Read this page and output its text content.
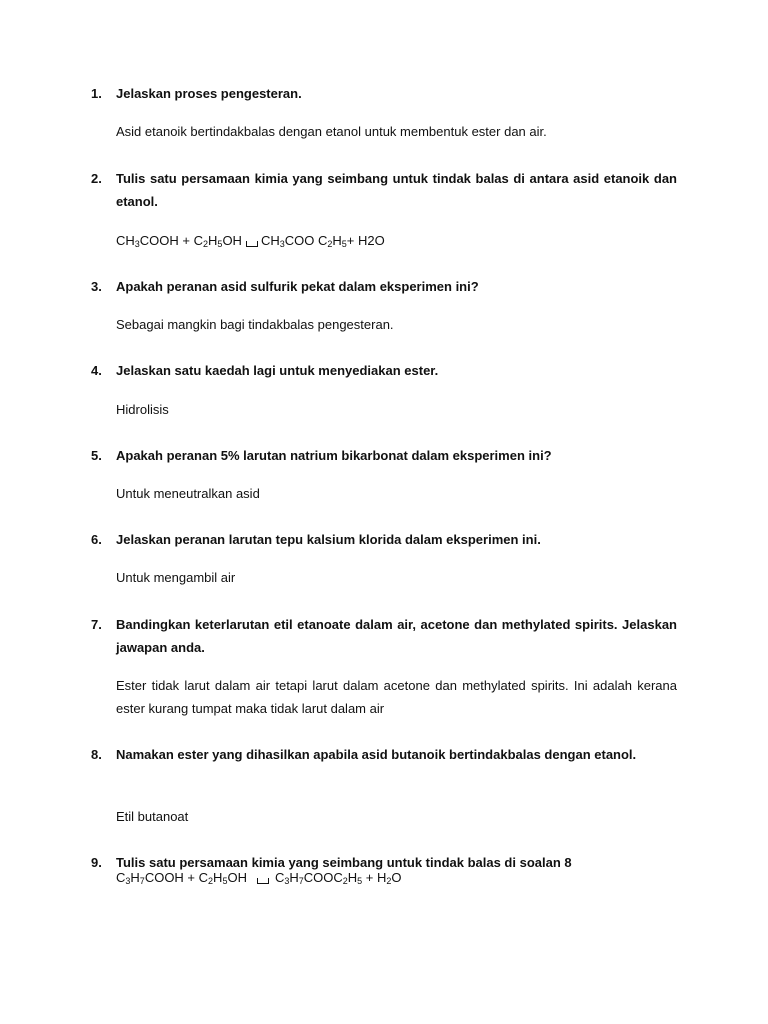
1. Jelaskan proses pengesteran.
Asid etanoik bertindakbalas dengan etanol untuk membentuk ester dan air.
2. Tulis satu persamaan kimia yang seimbang untuk tindak balas di antara asid etanoik dan etanol.
$CH_3COOH + C_2H_5OH$ $CH_3COO$ $C_2H_5+ H2O$
3. Apakah peranan asid sulfurik pekat dalam eksperimen ini?
Sebagai mangkin bagi tindakbalas pengesteran.
4. Jelaskan satu kaedah lagi untuk menyediakan ester.
Hidrolisis
5. Apakah peranan 5% larutan natrium bikarbonat dalam eksperimen ini?
Untuk meneutralkan asid
6. Jelaskan peranan larutan tepu kalsium klorida dalam eksperimen ini.
Untuk mengambil air
7. Bandingkan keterlarutan etil etanoate dalam air, acetone dan methylated spirits. Jelaskan jawapan anda.
Ester tidak larut dalam air tetapi larut dalam acetone dan methylated spirits. Ini adalah kerana ester kurang tumpat maka tidak larut dalam air
8. Namakan ester yang dihasilkan apabila asid butanoik bertindakbalas dengan etanol.
Etil butanoat
9. Tulis satu persamaan kimia yang seimbang untuk tindak balas di soalan 8
$C_3H_7COOH + C_2H_5OH$ $C_3H_7COOC_2H_5 + H_2O$
